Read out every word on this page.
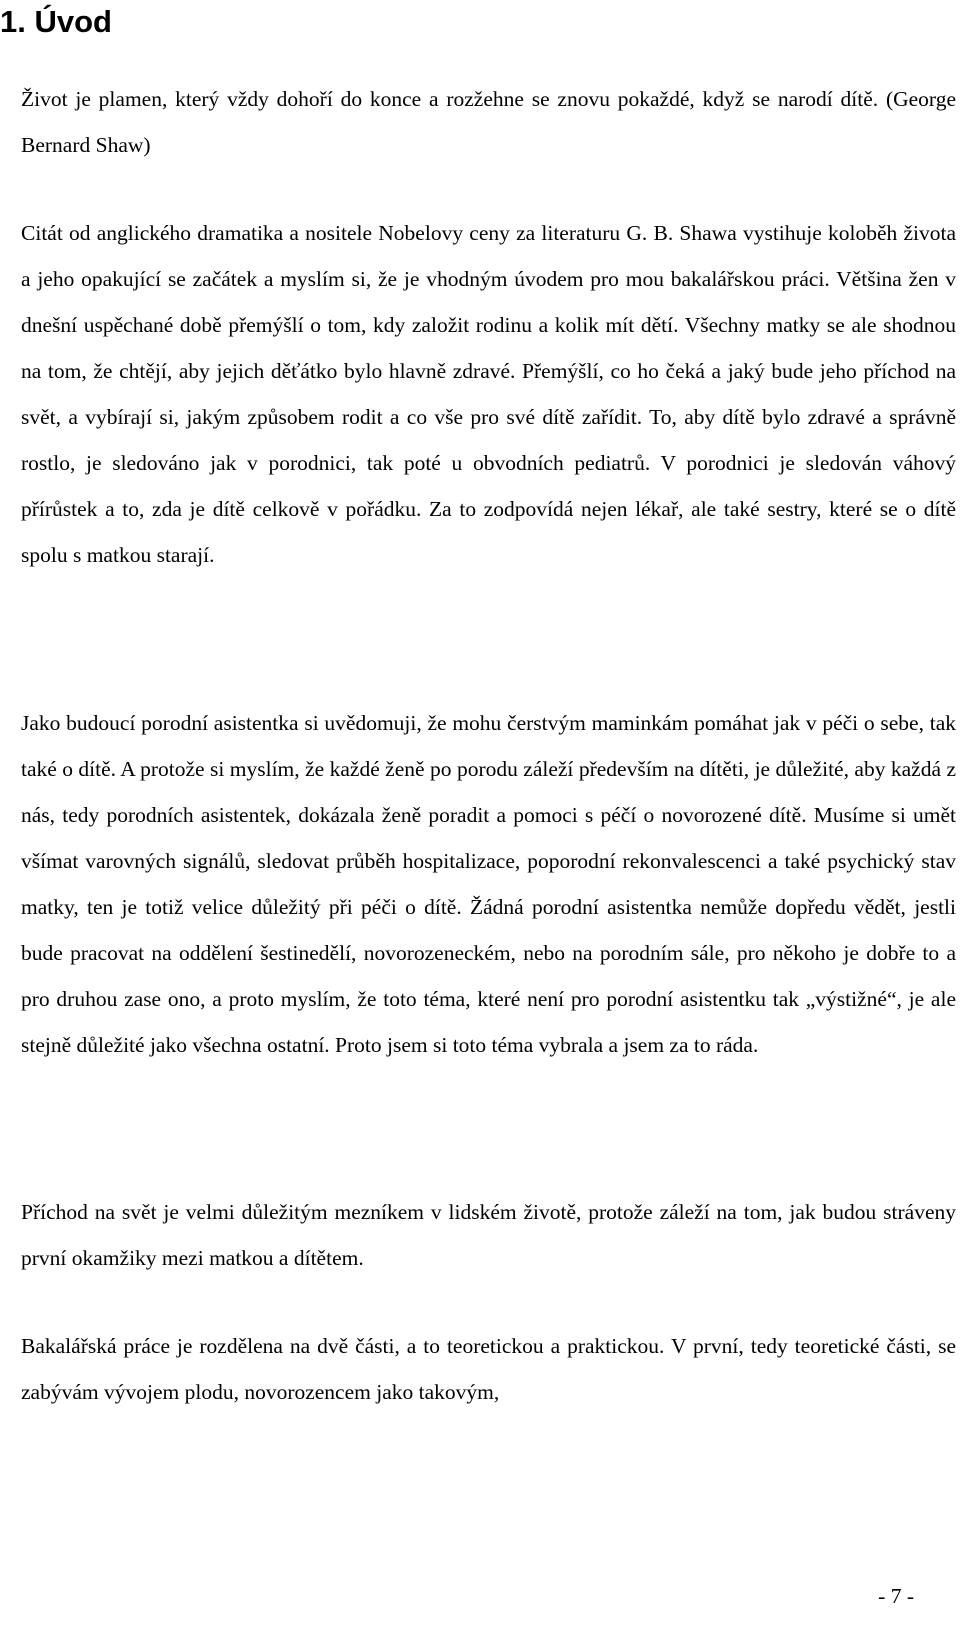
1. Úvod

Život je plamen, který vždy dohoří do konce a rozžehne se znovu pokaždé, když se narodí dítě. (George Bernard Shaw)

Citát od anglického dramatika a nositele Nobelovy ceny za literaturu G. B. Shawa vystihuje koloběh života a jeho opakující se začátek a myslím si, že je vhodným úvodem pro mou bakalářskou práci. Většina žen v dnešní uspěchané době přemýšlí o tom, kdy založit rodinu a kolik mít dětí. Všechny matky se ale shodnou na tom, že chtějí, aby jejich děťátko bylo hlavně zdravé. Přemýšlí, co ho čeká a jaký bude jeho příchod na svět, a vybírají si, jakým způsobem rodit a co vše pro své dítě zařídit. To, aby dítě bylo zdravé a správně rostlo, je sledováno jak v porodnici, tak poté u obvodních pediatrů. V porodnici je sledován váhový přírůstek a to, zda je dítě celkově v pořádku. Za to zodpovídá nejen lékař, ale také sestry, které se o dítě spolu s matkou starají.

Jako budoucí porodní asistentka si uvědomuji, že mohu čerstvým maminkám pomáhat jak v péči o sebe, tak také o dítě. A protože si myslím, že každé ženě po porodu záleží především na dítěti, je důležité, aby každá z nás, tedy porodních asistentek, dokázala ženě poradit a pomoci s péčí o novorozené dítě. Musíme si umět všímat varovných signálů, sledovat průběh hospitalizace, poporodní rekonvalescenci a také psychický stav matky, ten je totiž velice důležitý při péči o dítě. Žádná porodní asistentka nemůže dopředu vědět, jestli bude pracovat na oddělení šestinedělí, novorozeneckém, nebo na porodním sále, pro někoho je dobře to a pro druhou zase ono, a proto myslím, že toto téma, které není pro porodní asistentku tak „výstižné“, je ale stejně důležité jako všechna ostatní. Proto jsem si toto téma vybrala a jsem za to ráda.

Příchod na svět je velmi důležitým mezníkem v lidském životě, protože záleží na tom, jak budou stráveny první okamžiky mezi matkou a dítětem.

Bakalářská práce je rozdělena na dvě části, a to teoretickou a praktickou. V první, tedy teoretické části, se zabývám vývojem plodu, novorozencem jako takovým,

- 7 -
